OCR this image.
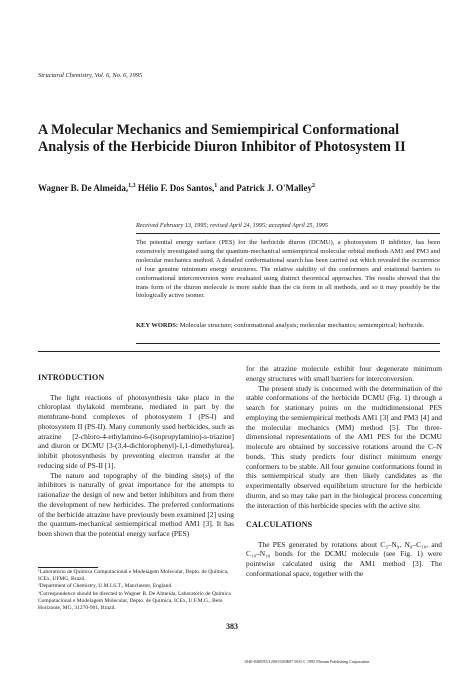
Structural Chemistry, Vol. 6, No. 6, 1995
A Molecular Mechanics and Semiempirical Conformational
Analysis of the Herbicide Diuron Inhibitor of Photosystem II
Wagner B. De Almeida,$^{1,3}$ Hélio F. Dos Santos,$^1$ and Patrick J. O'Malley$^2$
Received February 13, 1995; revised April 24, 1995; accepted April 25, 1995
The potential energy surface (PES) for the herbicide diuron (DCMU), a photosystem II inhibitor, has been extensively investigated using the quantum-mechanical semiempirical molecular orbital methods AM1 and PM3 and molecular mechanics method. A detailed conformational search has been carried out which revealed the occurrence of four genuine minimum energy structures. The relative stability of the conformers and rotational barriers to conformational interconversion were evaluated using distinct theoretical approaches. The results showed that the trans form of the diuron molecule is more stable than the cis form in all methods, and so it may possibly be the biologically active isomer.
KEY WORDS: Molecular structure; conformational analysis; molecular mechanics; semiempirical; herbicide.
INTRODUCTION

The light reactions of photosynthesis take place in the chloroplast thylakoid membrane, mediated in part by the membrane-bond complexes of photosystem I (PS-I) and photosystem II (PS-II). Many commonly used herbicides, such as atrazine [2-chloro-4-ethylamino-6-(isopropylamino)-s-triazine] and diuron or DCMU [3-(3,4-dichlorophenyl)-1,1-dimethylurea], inhibit photosynthesis by preventing electron transfer at the reducing side of PS-II [1].

The nature and topography of the binding site(s) of the inhibitors is naturally of great importance for the attempts to rationalize the design of new and better inhibitors and from there the development of new herbicides. The preferred conformations of the herbicide atrazine have previously been examined [2] using the quantum-mechanical semiempirical method AM1 [3]. It has been shown that the potential energy surface (PES)

¹Laboratório de Química Computacional e Modelagem Molecular, Depto. de Química, ICEx, UFMG, Brazil.
²Department of Chemistry, U.M.I.S.T., Manchester, England.
³Correspondence should be directed to Wagner B. De Almeida, Laboratório de Química Computacional e Modelagem Molecular, Depto. de Química, ICEx, U.F.M.G., Belo Horizonte, MG, 31270-901, Brazil.

for the atrazine molecule exhibit four degenerate minimum energy structures with small barriers for interconversion.

The present study is concerned with the determination of the stable conformations of the herbicide DCMU (Fig. 1) through a search for stationary points on the multidimensional PES employing the semiempirical methods AM1 [3] and PM3 [4] and the molecular mechanics (MM) method [5]. The three-dimensional representations of the AM1 PES for the DCMU molecule are obtained by successive rotations around the C–N bonds. This study predicts four distinct minimum energy conformers to be stable. All four genuine conformations found in this semiempirical study are then likely candidates as the experimentally observed equilibrium structure for the herbicide diuron, and so may take part in the biological process concerning the interaction of this herbicide species with the active site.

CALCULATIONS

The PES generated by rotations about C₃–N₉, N₉–C₁₀, and C₁₀–N₁₆ bonds for the DCMU molecule (see Fig. 1) were pointwise calculated using the AM1 method [3]. The conformational space, together with the

383
1040-0400/95/1200-0383$07.50/0 © 1995 Plenum Publishing Corporation
